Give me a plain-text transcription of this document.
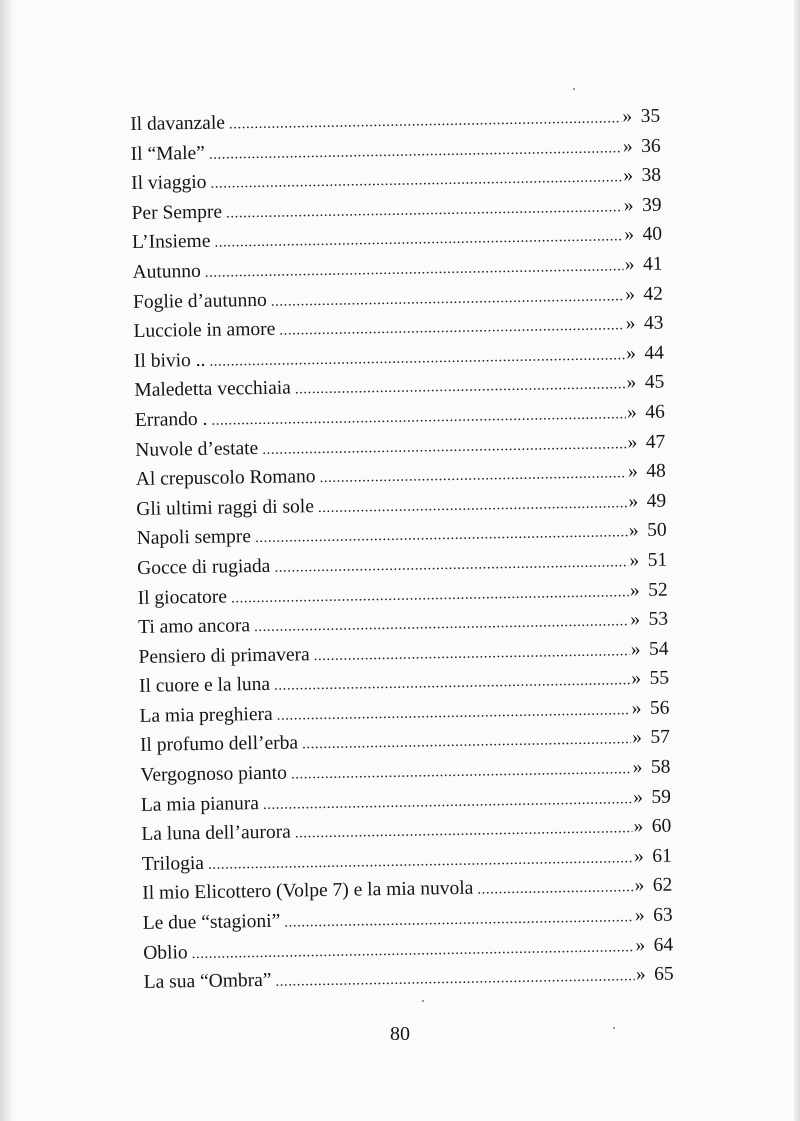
Il davanzale .....	» 35
Il “Male” .....	» 36
Il viaggio .....	» 38
Per Sempre .....	» 39
L’Insieme .....	» 40
Autunno .....	» 41
Foglie d’autunno .....	» 42
Lucciole in amore .....	» 43
Il bivio .. .....	» 44
Maledetta vecchiaia .....	» 45
Errando . .....	» 46
Nuvole d’estate .....	» 47
Al crepuscolo Romano .....	» 48
Gli ultimi raggi di sole .....	» 49
Napoli sempre .....	» 50
Gocce di rugiada .....	» 51
Il giocatore .....	» 52
Ti amo ancora .....	» 53
Pensiero di primavera .....	» 54
Il cuore e la luna .....	» 55
La mia preghiera .....	» 56
Il profumo dell’erba .....	» 57
Vergognoso pianto .....	» 58
La mia pianura .....	» 59
La luna dell’aurora .....	» 60
Trilogia .....	» 61
Il mio Elicottero (Volpe 7) e la mia nuvola .....	» 62
Le due “stagioni” .....	» 63
Oblio .....	» 64
La sua “Ombra” .....	» 65
80
